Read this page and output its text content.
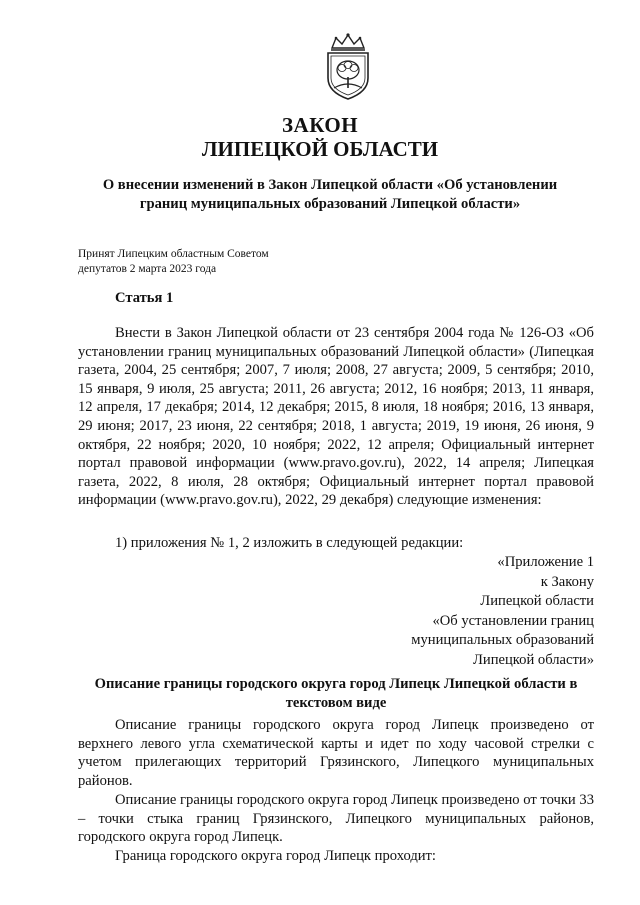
ЗАКОН
ЛИПЕЦКОЙ ОБЛАСТИ
О внесении изменений в Закон Липецкой области «Об установлении границ муниципальных образований Липецкой области»
Принят Липецким областным Советом
депутатов 2 марта 2023 года
Статья 1
Внести в Закон Липецкой области от 23 сентября 2004 года № 126-ОЗ «Об установлении границ муниципальных образований Липецкой области» (Липецкая газета, 2004, 25 сентября; 2007, 7 июля; 2008, 27 августа; 2009, 5 сентября; 2010, 15 января, 9 июля, 25 августа; 2011, 26 августа; 2012, 16 ноября; 2013, 11 января, 12 апреля, 17 декабря; 2014, 12 декабря; 2015, 8 июля, 18 ноября; 2016, 13 января, 29 июня; 2017, 23 июня, 22 сентября; 2018, 1 августа; 2019, 19 июня, 26 июня, 9 октября, 22 ноября; 2020, 10 ноября; 2022, 12 апреля; Официальный интернет портал правовой информации (www.pravo.gov.ru), 2022, 14 апреля; Липецкая газета, 2022, 8 июля, 28 октября; Официальный интернет портал правовой информации (www.pravo.gov.ru), 2022, 29 декабря) следующие изменения:
1) приложения № 1, 2 изложить в следующей редакции:
«Приложение 1
к Закону
Липецкой области
«Об установлении границ
муниципальных образований
Липецкой области»
Описание границы городского округа город Липецк Липецкой области в текстовом виде
Описание границы городского округа город Липецк произведено от верхнего левого угла схематической карты и идет по ходу часовой стрелки с учетом прилегающих территорий Грязинского, Липецкого муниципальных районов.
Описание границы городского округа город Липецк произведено от точки 33 – точки стыка границ Грязинского, Липецкого муниципальных районов, городского округа город Липецк.
Граница городского округа город Липецк проходит:
